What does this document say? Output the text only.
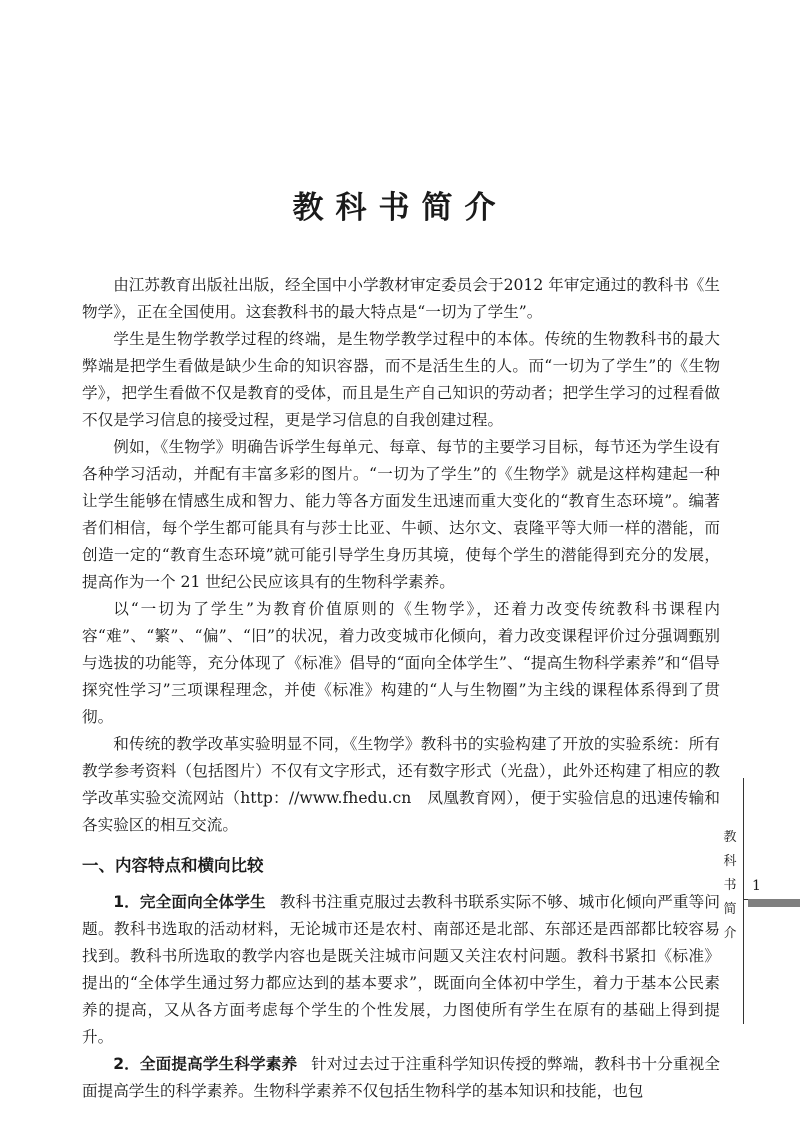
教科书简介

由江苏教育出版社出版，经全国中小学教材审定委员会于2012 年审定通过的教科书《生物学》，正在全国使用。这套教科书的最大特点是“一切为了学生”。

学生是生物学教学过程的终端，是生物学教学过程中的本体。传统的生物教科书的最大弊端是把学生看做是缺少生命的知识容器，而不是活生生的人。而“一切为了学生”的《生物学》，把学生看做不仅是教育的受体，而且是生产自己知识的劳动者；把学生学习的过程看做不仅是学习信息的接受过程，更是学习信息的自我创建过程。

例如，《生物学》明确告诉学生每单元、每章、每节的主要学习目标，每节还为学生设有各种学习活动，并配有丰富多彩的图片。“一切为了学生”的《生物学》就是这样构建起一种让学生能够在情感生成和智力、能力等各方面发生迅速而重大变化的“教育生态环境”。编著者们相信，每个学生都可能具有与莎士比亚、牛顿、达尔文、袁隆平等大师一样的潜能，而创造一定的“教育生态环境”就可能引导学生身历其境，使每个学生的潜能得到充分的发展，提高作为一个 21 世纪公民应该具有的生物科学素养。

以“一切为了学生”为教育价值原则的《生物学》，还着力改变传统教科书课程内容“难”、“繁”、“偏”、“旧”的状况，着力改变城市化倾向，着力改变课程评价过分强调甄别与选拔的功能等，充分体现了《标准》倡导的“面向全体学生”、“提高生物科学素养”和“倡导探究性学习”三项课程理念，并使《标准》构建的“人与生物圈”为主线的课程体系得到了贯彻。

和传统的教学改革实验明显不同，《生物学》教科书的实验构建了开放的实验系统：所有教学参考资料（包括图片）不仅有文字形式，还有数字形式（光盘），此外还构建了相应的教学改革实验交流网站（http：//www.fhedu.cn　凤凰教育网），便于实验信息的迅速传输和各实验区的相互交流。

一、内容特点和横向比较

1．完全面向全体学生 教科书注重克服过去教科书联系实际不够、城市化倾向严重等问题。教科书选取的活动材料，无论城市还是农村、南部还是北部、东部还是西部都比较容易找到。教科书所选取的教学内容也是既关注城市问题又关注农村问题。教科书紧扣《标准》提出的“全体学生通过努力都应达到的基本要求”，既面向全体初中学生，着力于基本公民素养的提高，又从各方面考虑每个学生的个性发展，力图使所有学生在原有的基础上得到提升。

2．全面提高学生科学素养 针对过去过于注重科学知识传授的弊端，教科书十分重视全面提高学生的科学素养。生物科学素养不仅包括生物科学的基本知识和技能，也包

教
科
书
简
介
1
